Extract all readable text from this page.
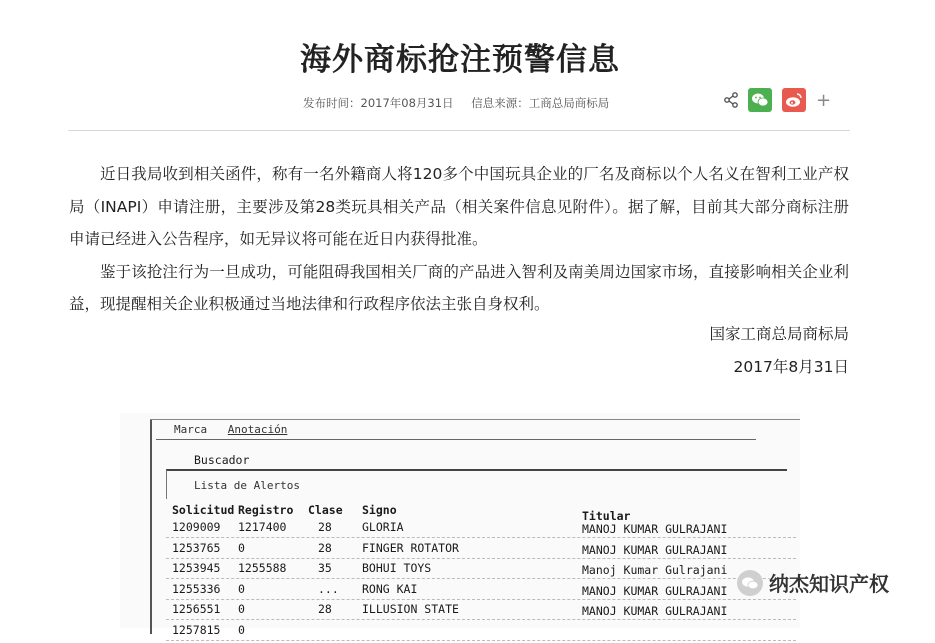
海外商标抢注预警信息
发布时间：2017年08月31日 信息来源：工商总局商标局	+

近日我局收到相关函件，称有一名外籍商人将120多个中国玩具企业的厂名及商标以个人名义在智利工业产权局（INAPI）申请注册，主要涉及第28类玩具相关产品（相关案件信息见附件）。据了解，目前其大部分商标注册申请已经进入公告程序，如无异议将可能在近日内获得批准。

鉴于该抢注行为一旦成功，可能阻碍我国相关厂商的产品进入智利及南美周边国家市场，直接影响相关企业利益，现提醒相关企业积极通过当地法律和行政程序依法主张自身权利。

国家工商总局商标局
2017年8月31日
Marca Anotación
Buscador
Lista de Alertos
Solicitud Registro Clase Signo	Titular
1209009 1217400	28	GLORIA	MANOJ KUMAR GULRAJANI
1253765 0	28	FINGER ROTATOR	MANOJ KUMAR GULRAJANI
1253945 1255588	35	BOHUI TOYS	Manoj Kumar Gulrajani
1255336 0	... RONG KAI	MANOJ KUMAR GULRAJANI
1256551 0	28	ILLUSION STATE	MANOJ KUMAR GULRAJANI
1257815 0
纳杰知识产权
